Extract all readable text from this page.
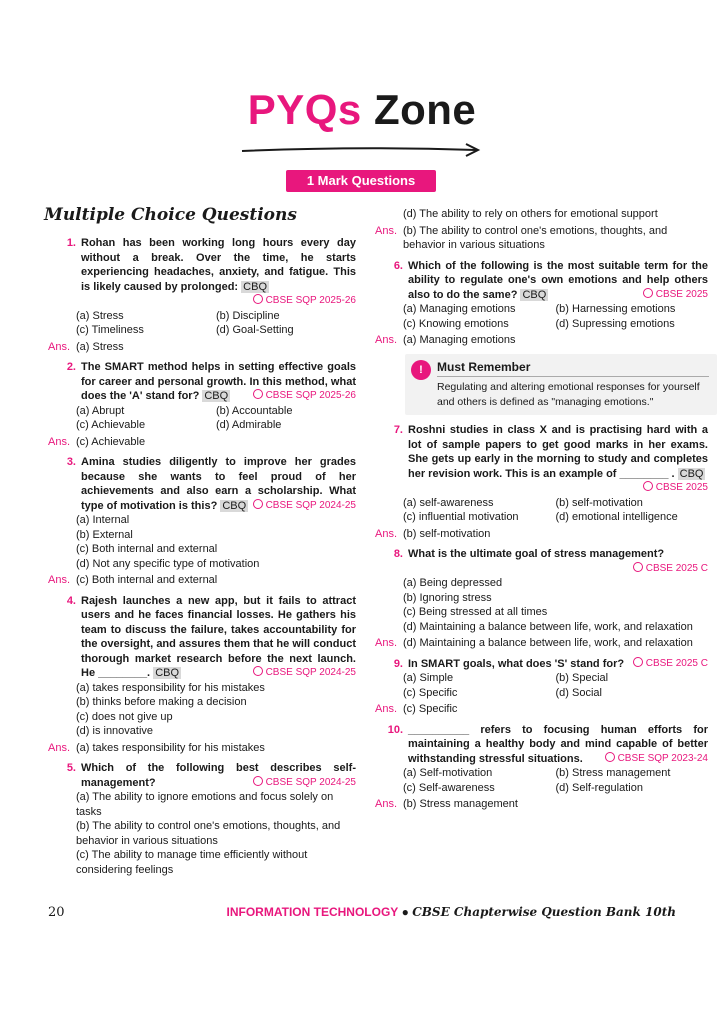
PYQs Zone
1 Mark Questions
Multiple Choice Questions
1. Rohan has been working long hours every day without a break. Over the time, he starts experiencing headaches, anxiety, and fatigue. This is likely caused by prolonged: CBQ
CBSE SQP 2025-26
(a) Stress	(b) Discipline
(c) Timeliness	(d) Goal-Setting
Ans. (a) Stress
2. The SMART method helps in setting effective goals for career and personal growth. In this method, what does the 'A' stand for? CBQ	CBSE SQP 2025-26
(a) Abrupt	(b) Accountable
(c) Achievable	(d) Admirable
Ans. (c) Achievable
3. Amina studies diligently to improve her grades because she wants to feel proud of her achievements and also earn a scholarship. What type of motivation is this? CBQ	CBSE SQP 2024-25
(a) Internal
(b) External
(c) Both internal and external
(d) Not any specific type of motivation
Ans. (c) Both internal and external
4. Rajesh launches a new app, but it fails to attract users and he faces financial losses. He gathers his team to discuss the failure, takes accountability for the oversight, and assures them that he will conduct thorough market research before the next launch. He ________. CBQ	CBSE SQP 2024-25
(a) takes responsibility for his mistakes
(b) thinks before making a decision
(c) does not give up
(d) is innovative
Ans. (a) takes responsibility for his mistakes
5. Which of the following best describes self-management?	CBSE SQP 2024-25
(a) The ability to ignore emotions and focus solely on tasks
(b) The ability to control one's emotions, thoughts, and behavior in various situations
(c) The ability to manage time efficiently without considering feelings
(d) The ability to rely on others for emotional support
Ans. (b) The ability to control one's emotions, thoughts, and behavior in various situations
6. Which of the following is the most suitable term for the ability to regulate one's own emotions and help others also to do the same? CBQ	CBSE 2025
(a) Managing emotions	(b) Harnessing emotions
(c) Knowing emotions	(d) Supressing emotions
Ans. (a) Managing emotions
!	Must Remember
Regulating and altering emotional responses for yourself and others is defined as "managing emotions."
7. Roshni studies in class X and is practising hard with a lot of sample papers to get good marks in her exams. She gets up early in the morning to study and completes her revision work. This is an example of ________ . CBQ
CBSE 2025
(a) self-awareness	(b) self-motivation
(c) influential motivation	(d) emotional intelligence
Ans. (b) self-motivation
8. What is the ultimate goal of stress management?
CBSE 2025 C
(a) Being depressed
(b) Ignoring stress
(c) Being stressed at all times
(d) Maintaining a balance between life, work, and relaxation
Ans. (d) Maintaining a balance between life, work, and relaxation
9. In SMART goals, what does 'S' stand for?	CBSE 2025 C
(a) Simple	(b) Special
(c) Specific	(d) Social
Ans. (c) Specific
10. __________ refers to focusing human efforts for maintaining a healthy body and mind capable of better withstanding stressful situations.	CBSE SQP 2023-24
(a) Self-motivation	(b) Stress management
(c) Self-awareness	(d) Self-regulation
Ans. (b) Stress management
20	INFORMATION TECHNOLOGY ● CBSE Chapterwise Question Bank 10th
